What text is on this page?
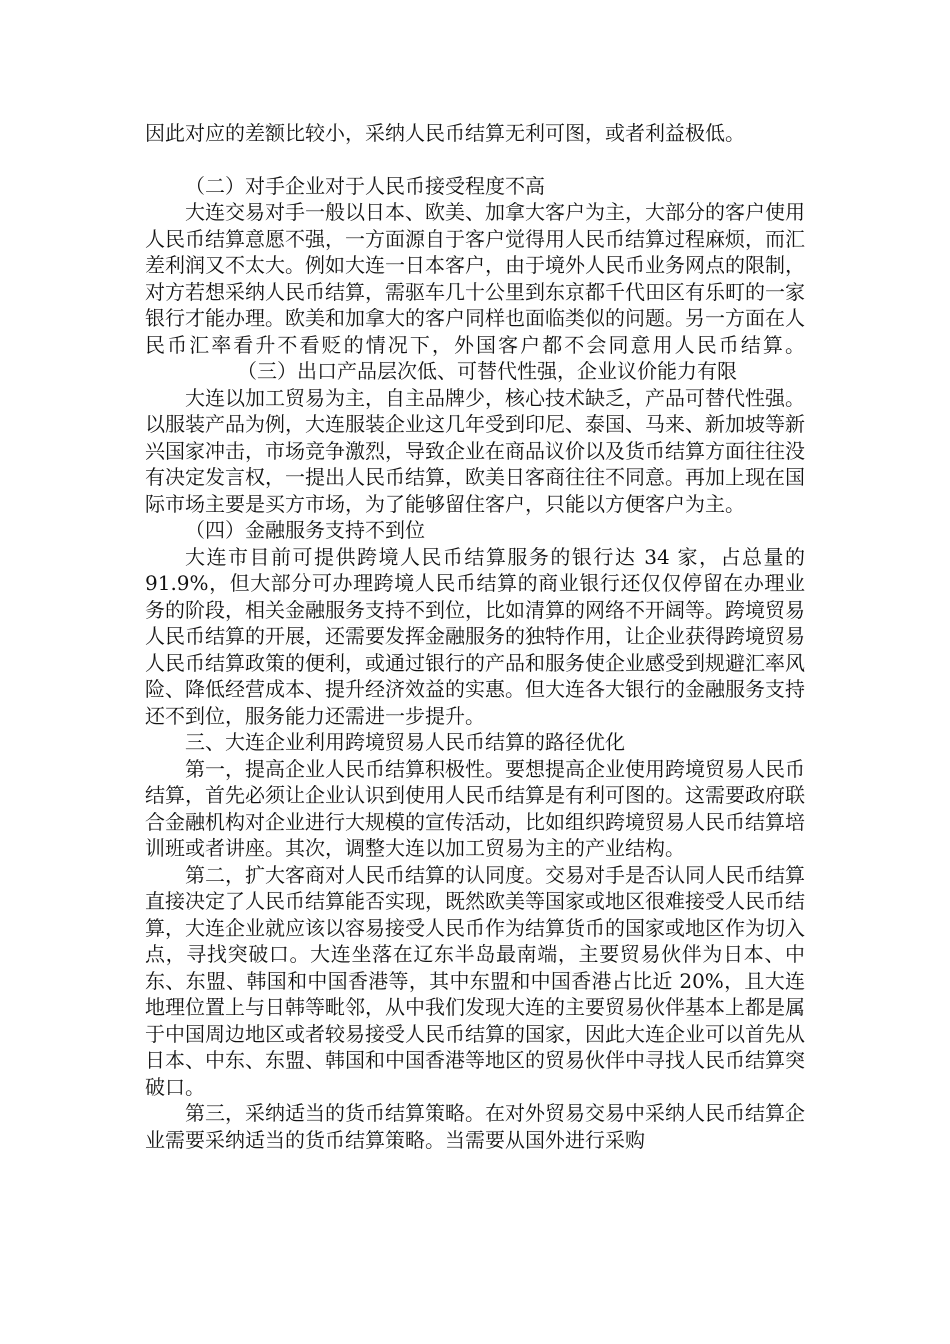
因此对应的差额比较小，采纳人民币结算无利可图，或者利益极低。

（二）对手企业对于人民币接受程度不高

大连交易对手一般以日本、欧美、加拿大客户为主，大部分的客户使用人民币结算意愿不强，一方面源自于客户觉得用人民币结算过程麻烦，而汇差利润又不太大。例如大连一日本客户，由于境外人民币业务网点的限制，对方若想采纳人民币结算，需驱车几十公里到东京都千代田区有乐町的一家银行才能办理。欧美和加拿大的客户同样也面临类似的问题。另一方面在人民币汇率看升不看贬的情况下，外国客户都不会同意用人民币结算。（三）出口产品层次低、可替代性强，企业议价能力有限

大连以加工贸易为主，自主品牌少，核心技术缺乏，产品可替代性强。以服装产品为例，大连服装企业这几年受到印尼、泰国、马来、新加坡等新兴国家冲击，市场竞争激烈，导致企业在商品议价以及货币结算方面往往没有决定发言权，一提出人民币结算，欧美日客商往往不同意。再加上现在国际市场主要是买方市场，为了能够留住客户，只能以方便客户为主。

（四）金融服务支持不到位

大连市目前可提供跨境人民币结算服务的银行达 34 家，占总量的 91.9%，但大部分可办理跨境人民币结算的商业银行还仅仅停留在办理业务的阶段，相关金融服务支持不到位，比如清算的网络不开阔等。跨境贸易人民币结算的开展，还需要发挥金融服务的独特作用，让企业获得跨境贸易人民币结算政策的便利，或通过银行的产品和服务使企业感受到规避汇率风险、降低经营成本、提升经济效益的实惠。但大连各大银行的金融服务支持还不到位，服务能力还需进一步提升。

三、大连企业利用跨境贸易人民币结算的路径优化

第一，提高企业人民币结算积极性。要想提高企业使用跨境贸易人民币结算，首先必须让企业认识到使用人民币结算是有利可图的。这需要政府联合金融机构对企业进行大规模的宣传活动，比如组织跨境贸易人民币结算培训班或者讲座。其次，调整大连以加工贸易为主的产业结构。

第二，扩大客商对人民币结算的认同度。交易对手是否认同人民币结算直接决定了人民币结算能否实现，既然欧美等国家或地区很难接受人民币结算，大连企业就应该以容易接受人民币作为结算货币的国家或地区作为切入点，寻找突破口。大连坐落在辽东半岛最南端，主要贸易伙伴为日本、中东、东盟、韩国和中国香港等，其中东盟和中国香港占比近 20%，且大连地理位置上与日韩等毗邻，从中我们发现大连的主要贸易伙伴基本上都是属于中国周边地区或者较易接受人民币结算的国家，因此大连企业可以首先从日本、中东、东盟、韩国和中国香港等地区的贸易伙伴中寻找人民币结算突破口。

第三，采纳适当的货币结算策略。在对外贸易交易中采纳人民币结算企业需要采纳适当的货币结算策略。当需要从国外进行采购
